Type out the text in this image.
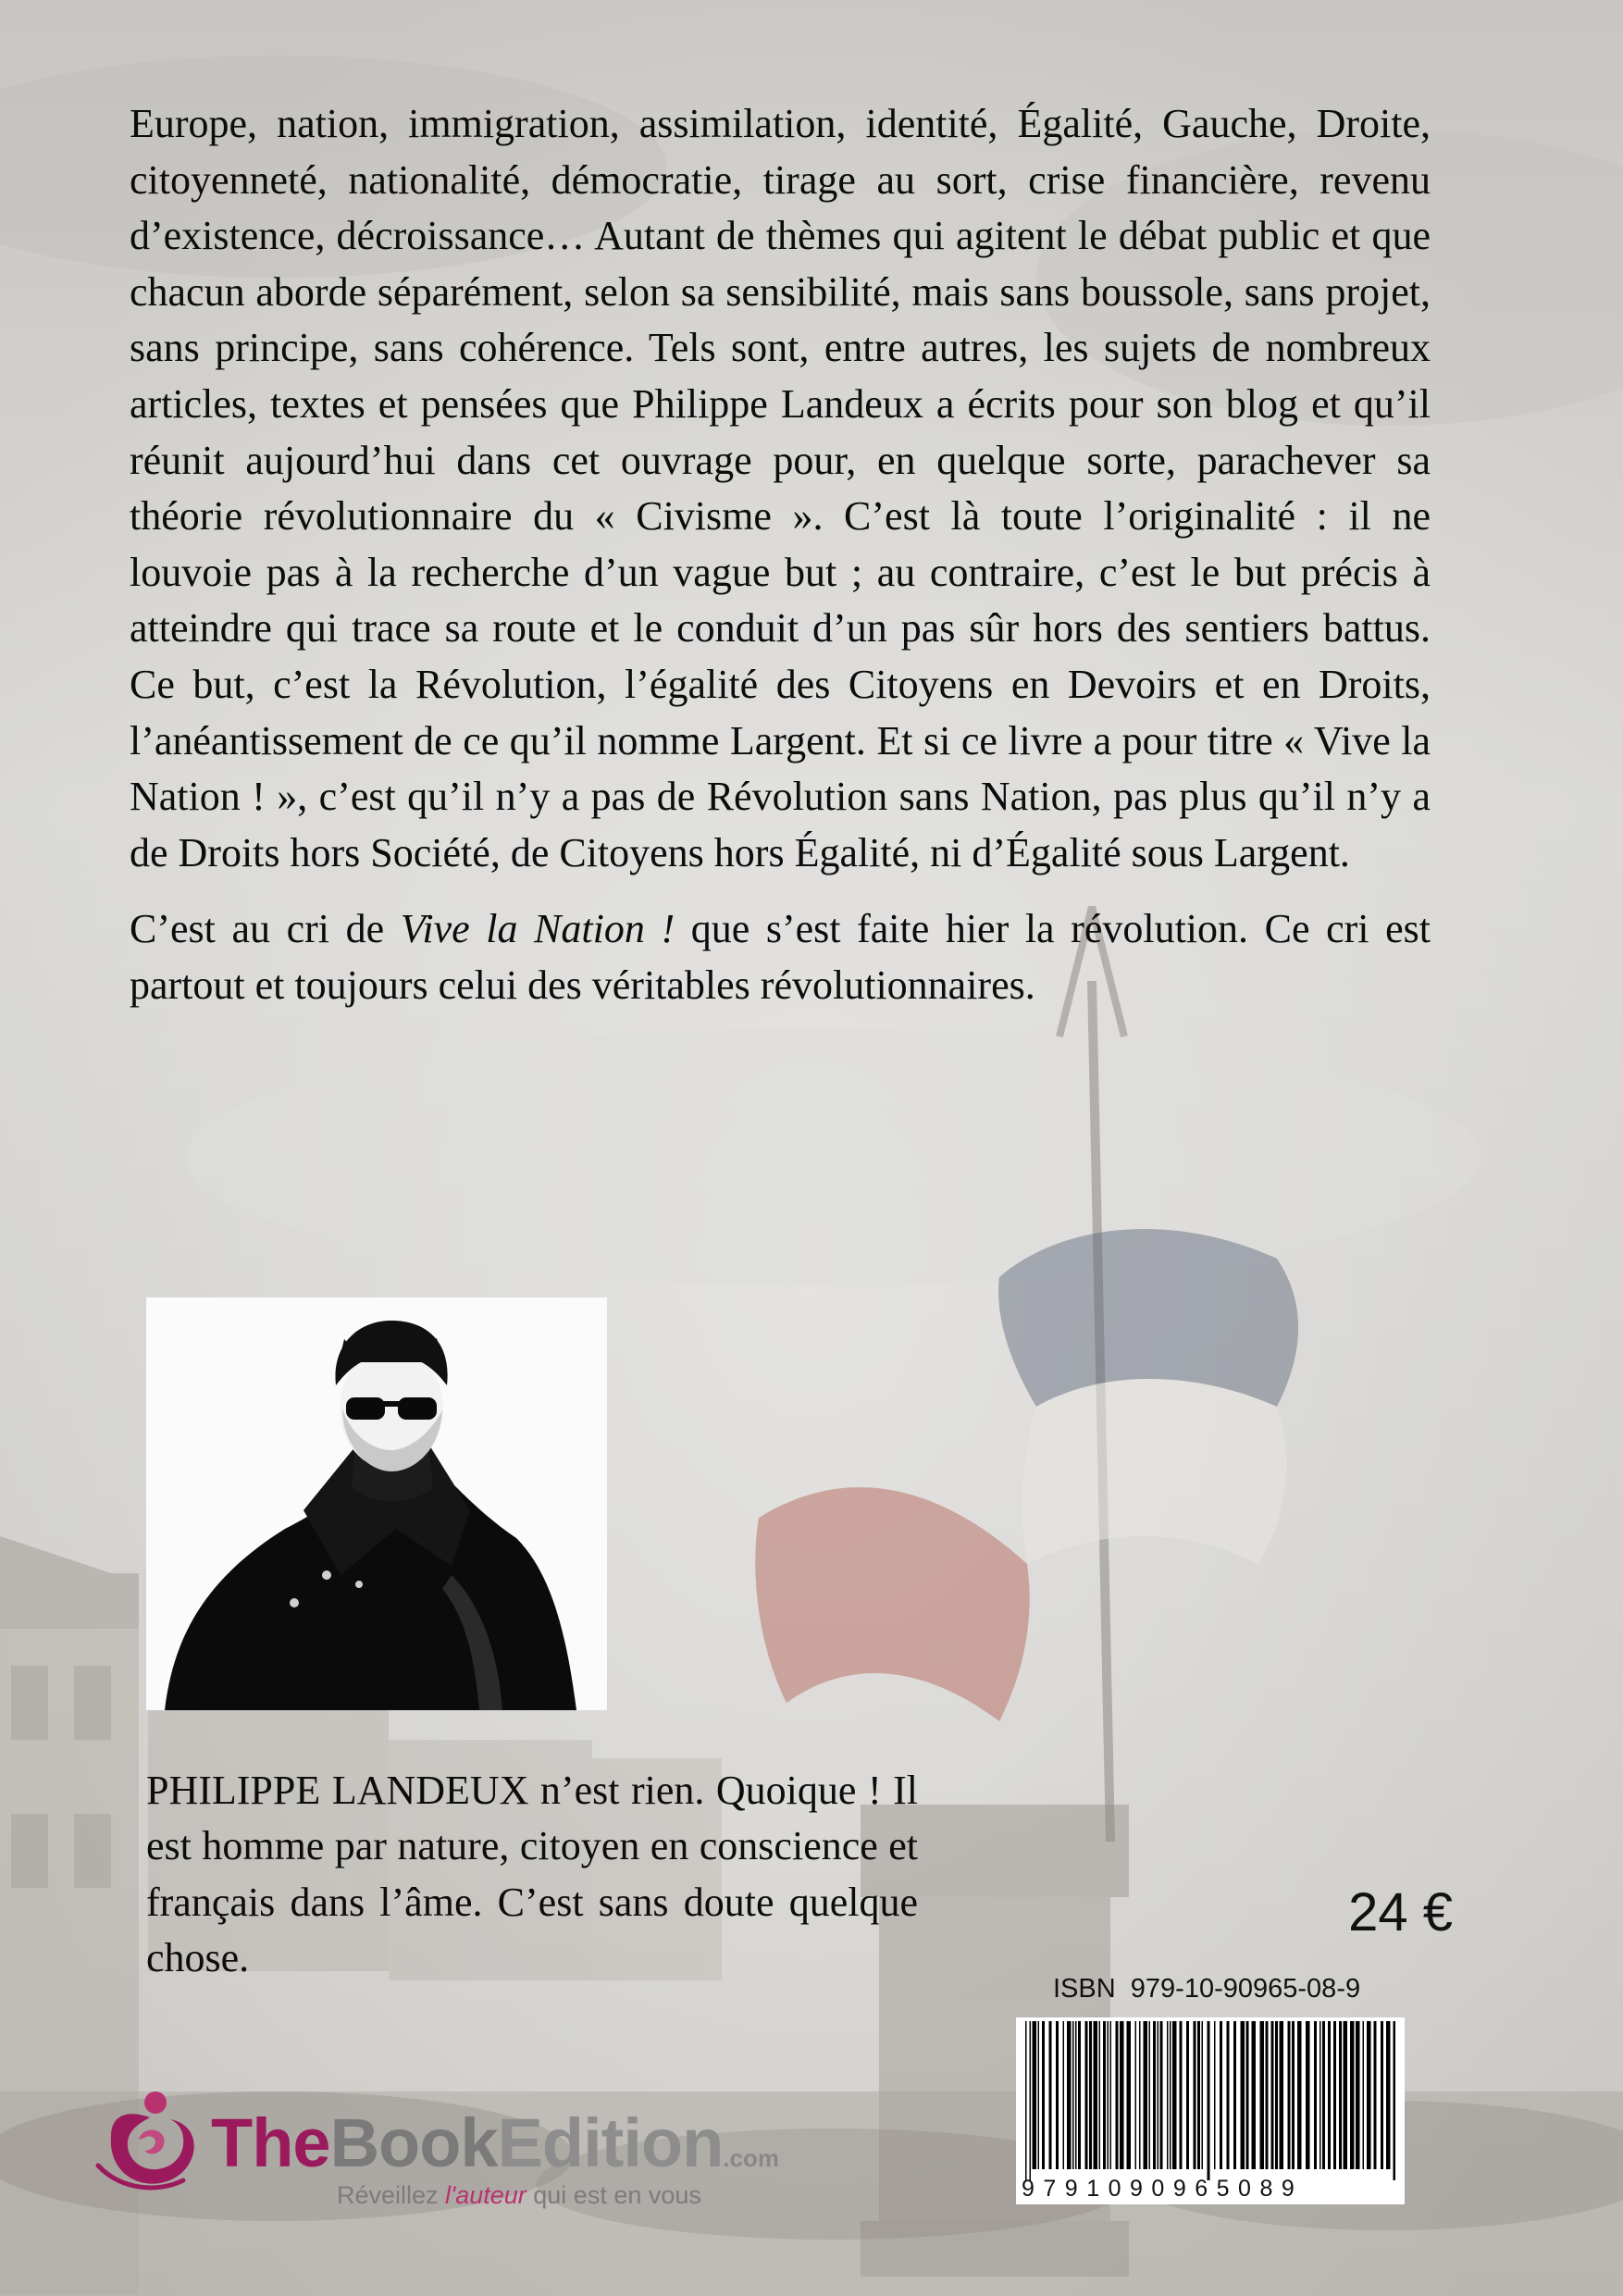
Europe, nation, immigration, assimilation, identité, Égalité, Gauche, Droite, citoyenneté, nationalité, démocratie, tirage au sort, crise financière, revenu d’existence, décroissance… Autant de thèmes qui agitent le débat public et que chacun aborde séparément, selon sa sensibilité, mais sans boussole, sans projet, sans principe, sans cohérence. Tels sont, entre autres, les sujets de nombreux articles, textes et pensées que Philippe Landeux a écrits pour son blog et qu’il réunit aujourd’hui dans cet ouvrage pour, en quelque sorte, parachever sa théorie révolutionnaire du « Civisme ». C’est là toute l’originalité : il ne louvoie pas à la recherche d’un vague but ; au contraire, c’est le but précis à atteindre qui trace sa route et le conduit d’un pas sûr hors des sentiers battus. Ce but, c’est la Révolution, l’égalité des Citoyens en Devoirs et en Droits, l’anéantissement de ce qu’il nomme Largent. Et si ce livre a pour titre « Vive la Nation ! », c’est qu’il n’y a pas de Révolution sans Nation, pas plus qu’il n’y a de Droits hors Société, de Citoyens hors Égalité, ni d’Égalité sous Largent.

C’est au cri de Vive la Nation ! que s’est faite hier la révolution. Ce cri est partout et toujours celui des véritables révolutionnaires.

PHILIPPE LANDEUX n’est rien. Quoique ! Il est homme par nature, citoyen en conscience et français dans l’âme. C’est sans doute quelque chose.
24 €
ISBN  979-10-90965-08-9
9791090965089
TheBookEdition.com
Réveillez l'auteur qui est en vous
